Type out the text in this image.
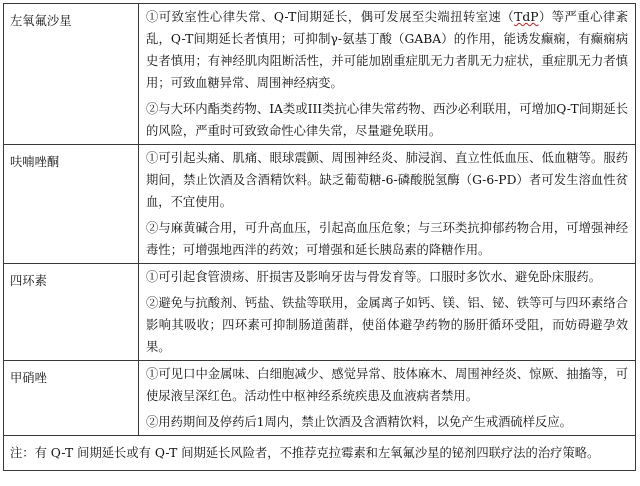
左氧氟沙星	①可致室性心律失常、Q-T间期延长，偶可发展至尖端扭转室速（TdP）等严重心律紊乱，Q-T间期延长者慎用；可抑制γ-氨基丁酸（GABA）的作用，能诱发癫痫，有癫痫病史者慎用；有神经肌肉阻断活性，并可能加剧重症肌无力者肌无力症状，重症肌无力者慎用；可致血糖异常、周围神经病变。

②与大环内酯类药物、IA类或III类抗心律失常药物、西沙必利联用，可增加Q-T间期延长的风险，严重时可致致命性心律失常，尽量避免联用。

呋喃唑酮	①可引起头痛、肌痛、眼球震颤、周围神经炎、肺浸润、直立性低血压、低血糖等。服药期间，禁止饮酒及含酒精饮料。缺乏葡萄糖-6-磷酸脱氢酶（G-6-PD）者可发生溶血性贫血，不宜使用。

②与麻黄碱合用，可升高血压，引起高血压危象；与三环类抗抑郁药物合用，可增强神经毒性；可增强地西泮的药效；可增强和延长胰岛素的降糖作用。

四环素	①可引起食管溃疡、肝损害及影响牙齿与骨发育等。口服时多饮水、避免卧床服药。

②避免与抗酸剂、钙盐、铁盐等联用，金属离子如钙、镁、铝、铋、铁等可与四环素络合影响其吸收；四环素可抑制肠道菌群，使甾体避孕药物的肠肝循环受阻，而妨碍避孕效果。

甲硝唑	①可见口中金属味、白细胞减少、感觉异常、肢体麻木、周围神经炎、惊厥、抽搐等，可使尿液呈深红色。活动性中枢神经系统疾患及血液病者禁用。

②用药期间及停药后1周内，禁止饮酒及含酒精饮料，以免产生戒酒硫样反应。

注：有 Q-T 间期延长或有 Q-T 间期延长风险者，不推荐克拉霉素和左氧氟沙星的铋剂四联疗法的治疗策略。	
